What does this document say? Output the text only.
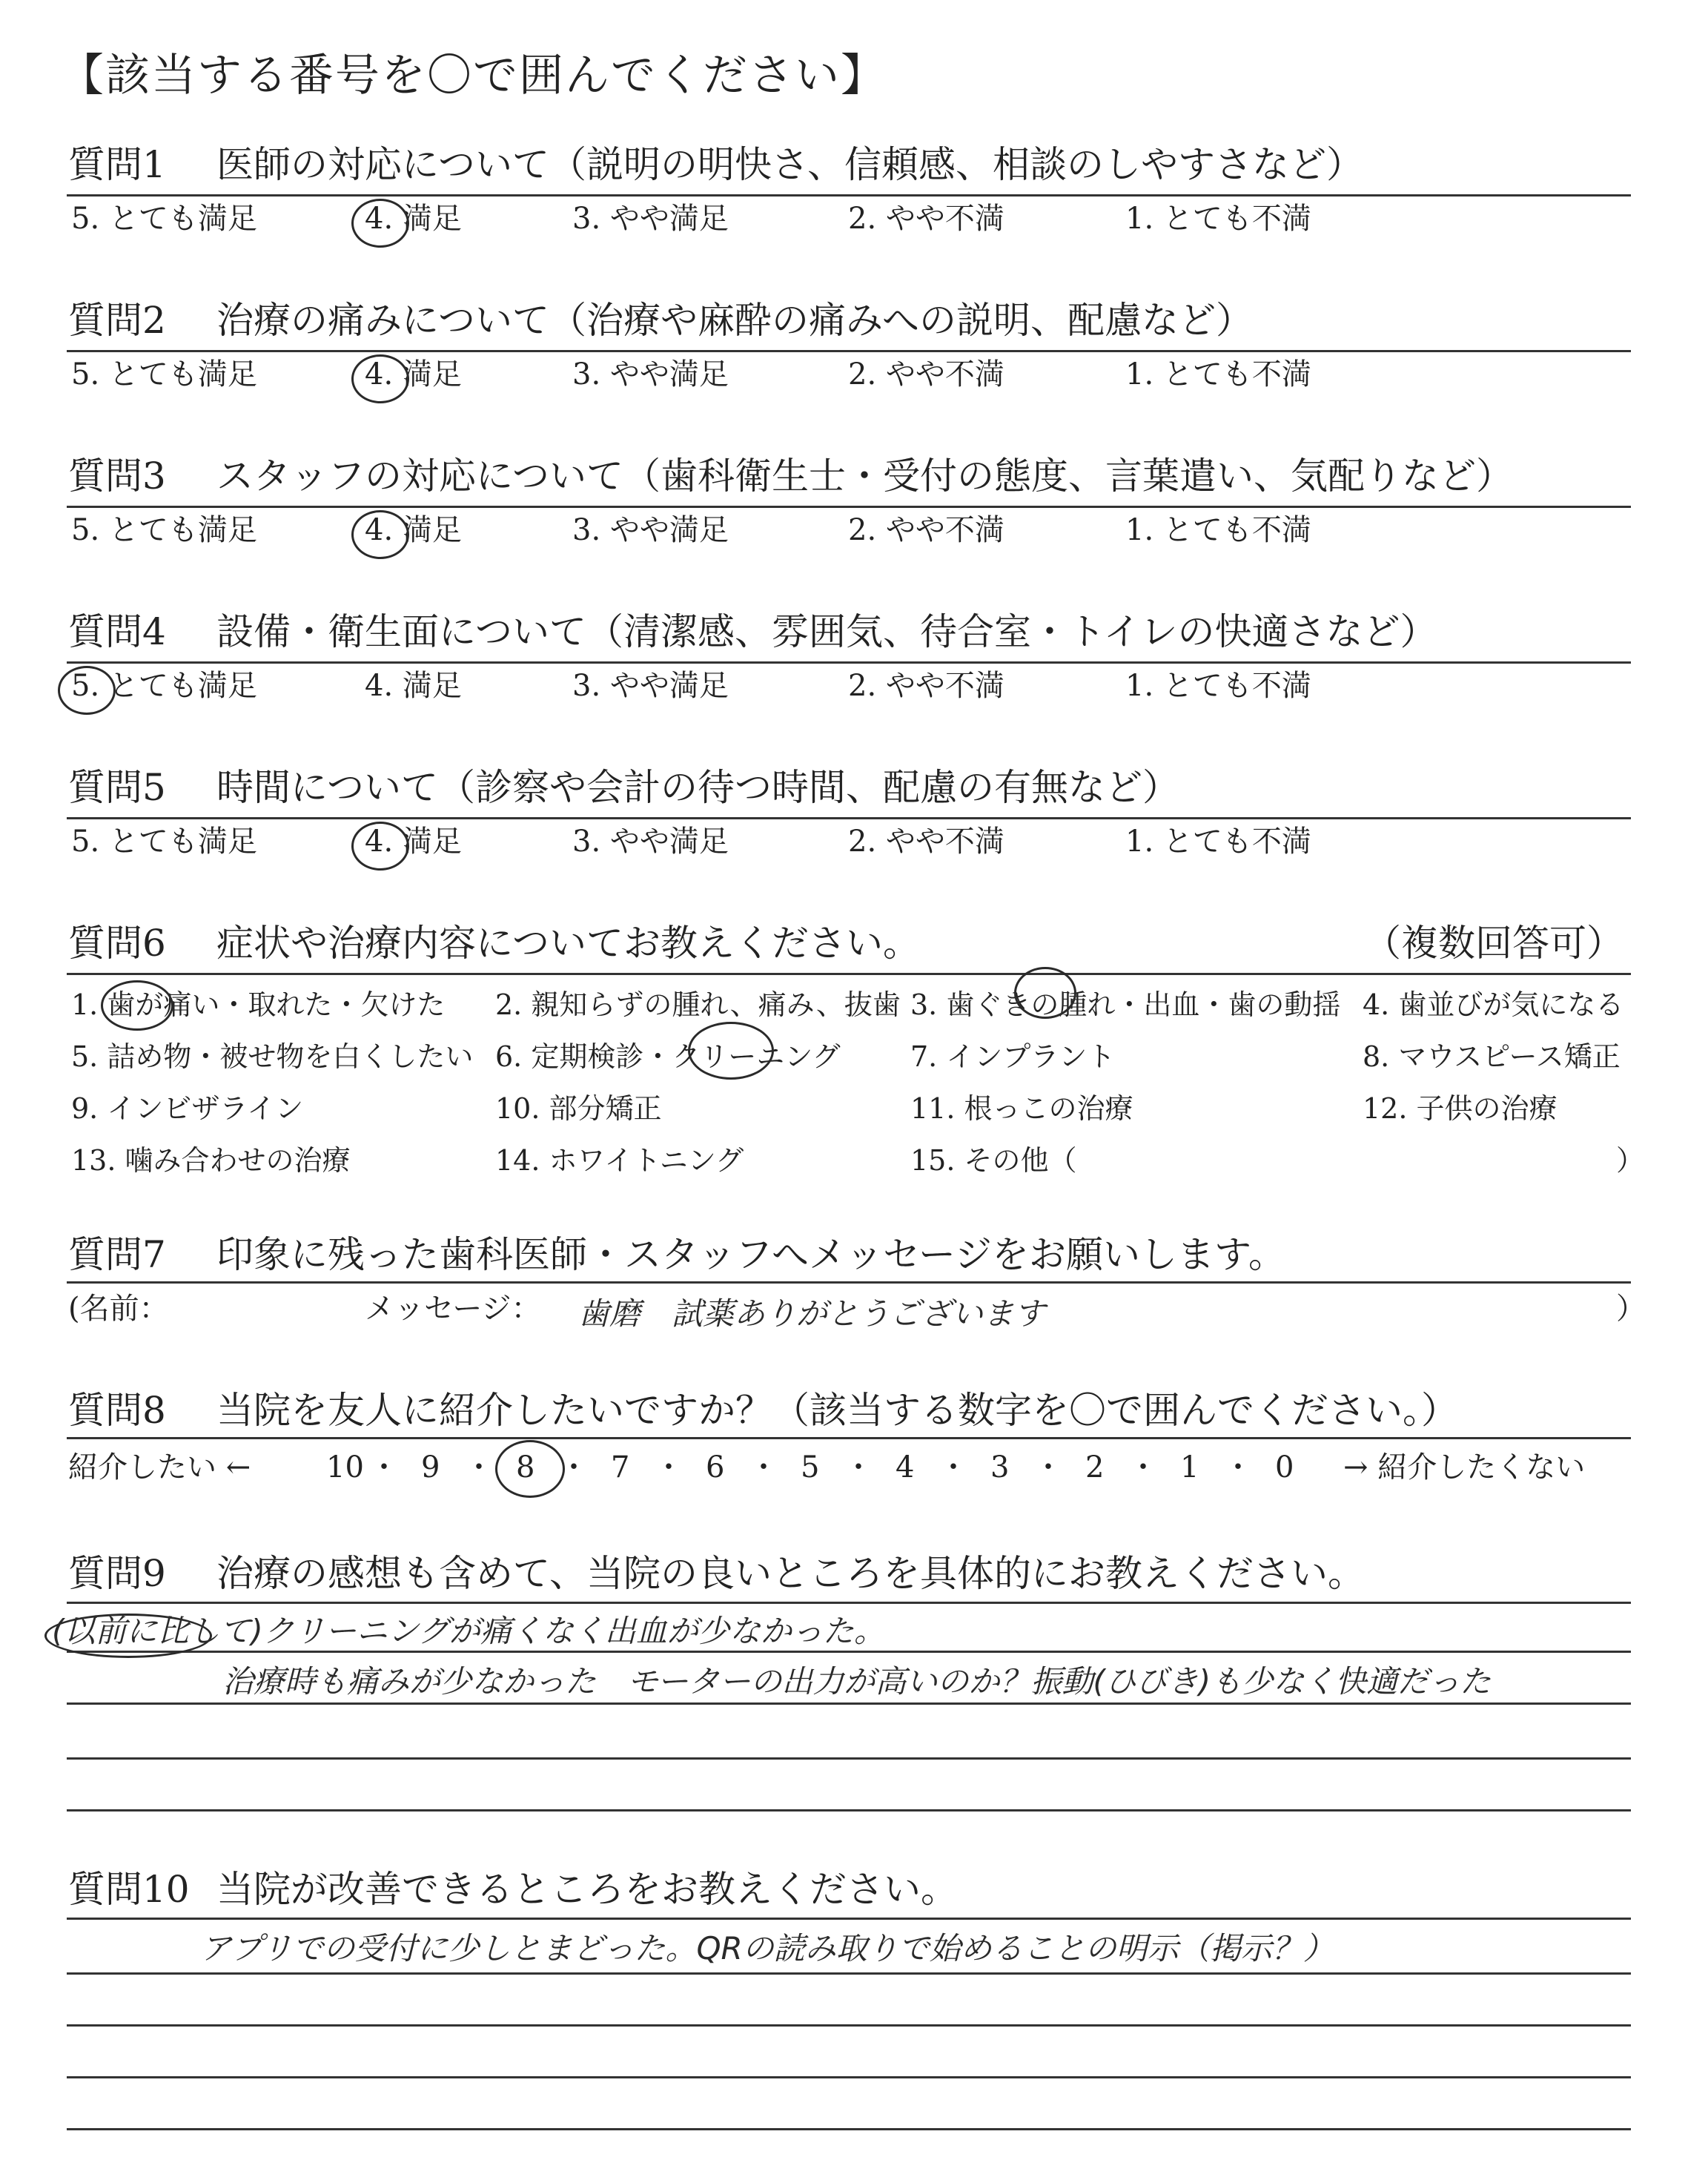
【該当する番号を〇で囲んでください】
質問1 医師の対応について（説明の明快さ、信頼感、相談のしやすさなど）
5. とても満足	4. 満足	3. やや満足	2. やや不満	1. とても不満
質問2 治療の痛みについて（治療や麻酔の痛みへの説明、配慮など）
5. とても満足	4. 満足	3. やや満足	2. やや不満	1. とても不満
質問3 スタッフの対応について（歯科衛生士・受付の態度、言葉遣い、気配りなど）
5. とても満足	4. 満足	3. やや満足	2. やや不満	1. とても不満
質問4 設備・衛生面について（清潔感、雰囲気、待合室・トイレの快適さなど）
5. とても満足	4. 満足	3. やや満足	2. やや不満	1. とても不満
質問5 時間について（診察や会計の待つ時間、配慮の有無など）
5. とても満足	4. 満足	3. やや満足	2. やや不満	1. とても不満
質問6 症状や治療内容についてお教えください。	（複数回答可）
1. 歯が痛い・取れた・欠けた 2. 親知らずの腫れ、痛み、抜歯 3. 歯ぐきの腫れ・出血・歯の動揺 4. 歯並びが気になる
5. 詰め物・被せ物を白くしたい 6. 定期検診・クリーニング 7. インプラント	8. マウスピース矯正
9. インビザライン	10. 部分矯正	11. 根っこの治療	12. 子供の治療
13. 噛み合わせの治療	14. ホワイトニング	15. その他（	）
質問7 印象に残った歯科医師・スタッフへメッセージをお願いします。
(名前：	メッセージ： 歯磨　試薬ありがとうございます	）
質問8 当院を友人に紹介したいですか？（該当する数字を〇で囲んでください。）
紹介したい ←	10 ・ 9 ・ 8 ・ 7 ・ 6 ・ 5 ・ 4 ・ 3 ・ 2 ・ 1 ・ 0 → 紹介したくない
質問9 治療の感想も含めて、当院の良いところを具体的にお教えください。
(以前に比して)クリーニングが痛くなく出血が少なかった。
治療時も痛みが少なかった　モーターの出力が高いのか？振動(ひびき)も少なく快適だった
質問10 当院が改善できるところをお教えください。
アプリでの受付に少しとまどった。QRの読み取りで始めることの明示（掲示？）
